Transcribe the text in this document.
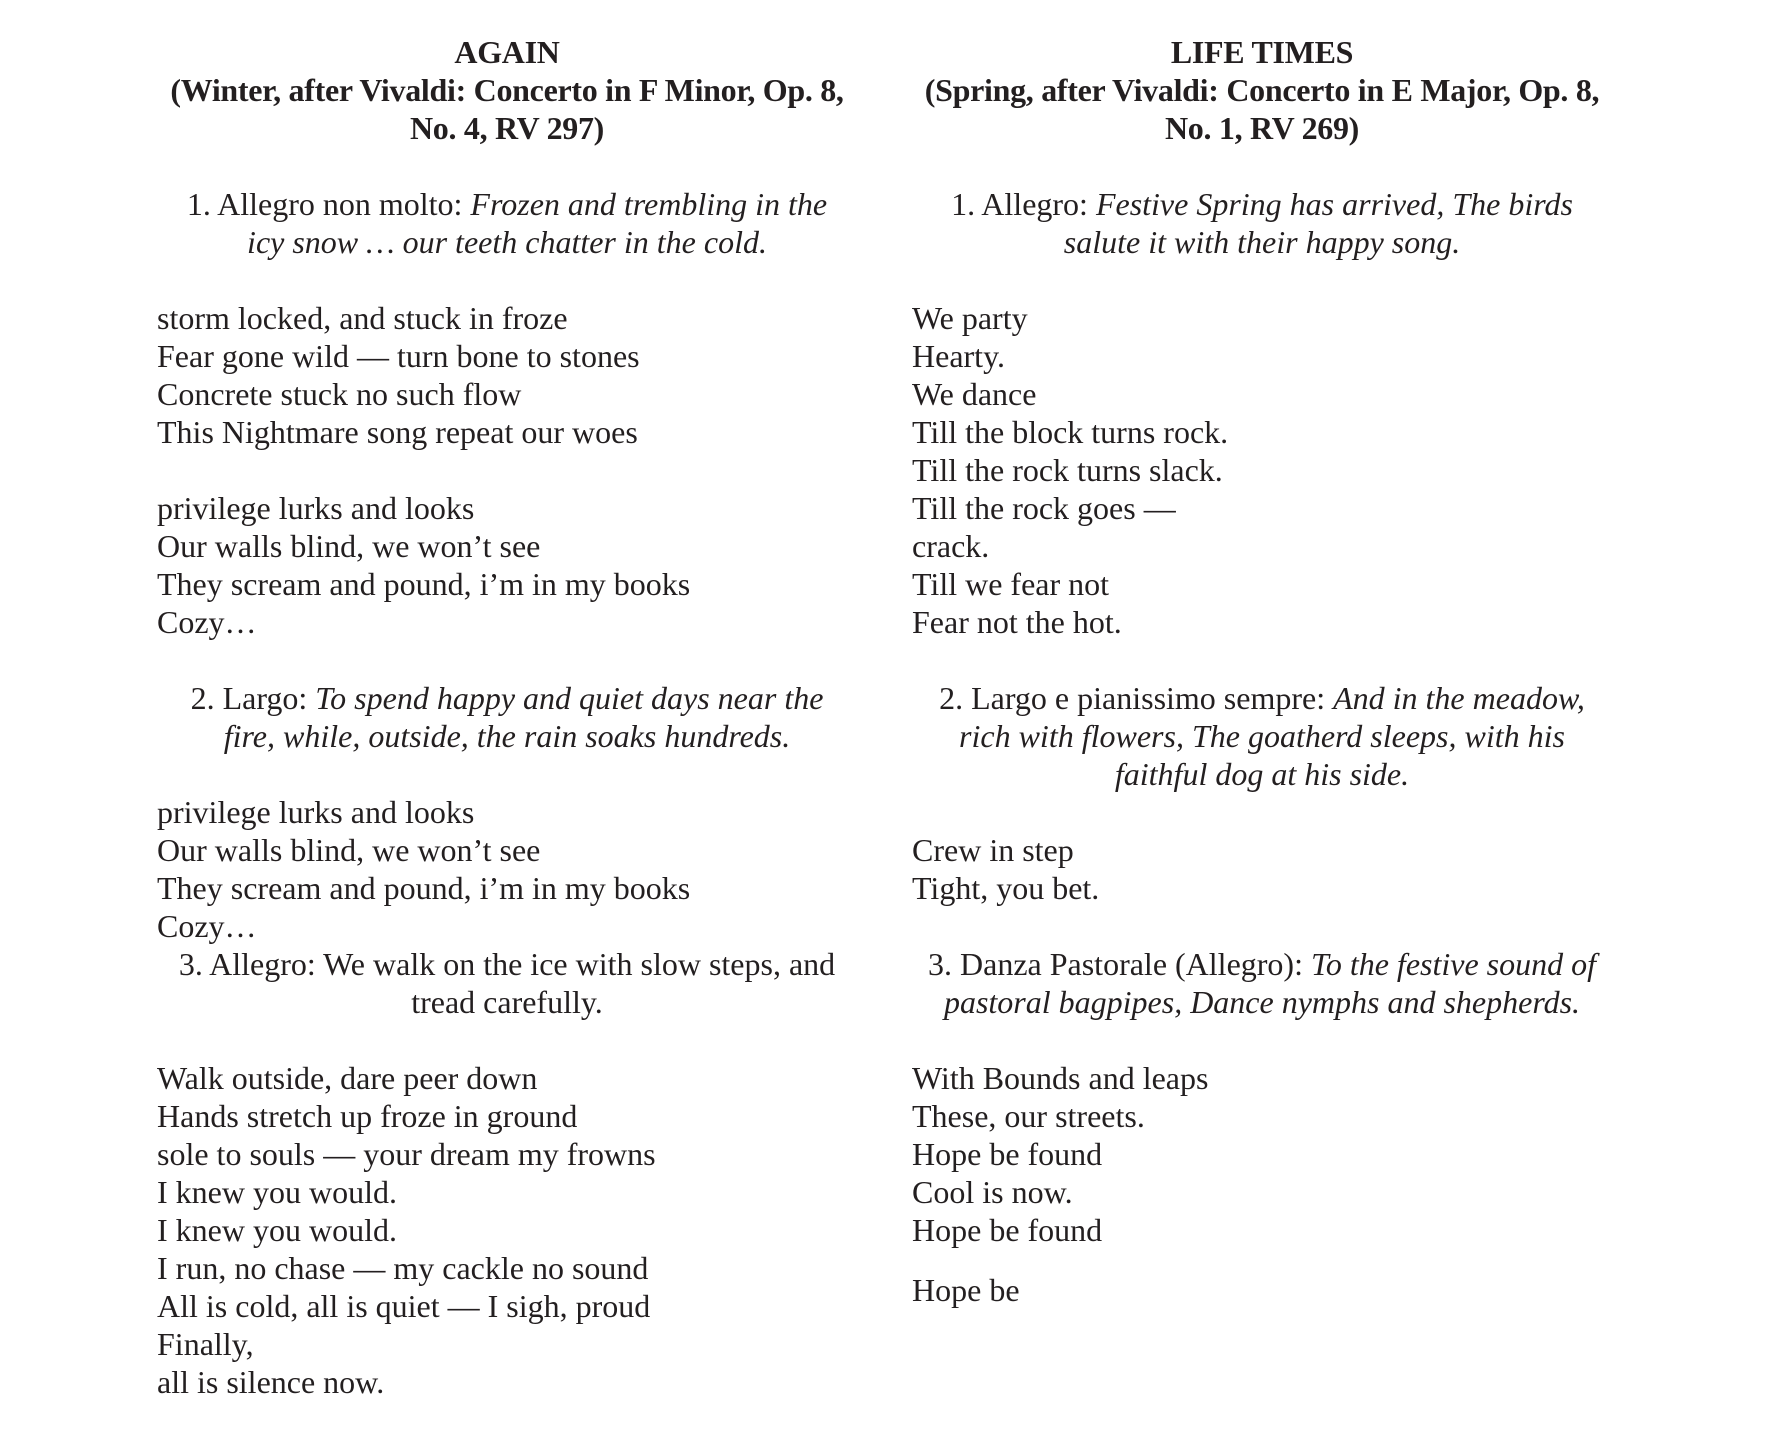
AGAIN
(Winter, after Vivaldi: Concerto in F Minor, Op. 8, No. 4, RV 297)
1. Allegro non molto: Frozen and trembling in the icy snow … our teeth chatter in the cold.
storm locked, and stuck in froze
Fear gone wild — turn bone to stones
Concrete stuck no such flow
This Nightmare song repeat our woes
privilege lurks and looks
Our walls blind, we won’t see
They scream and pound, i’m in my books
Cozy…
2. Largo: To spend happy and quiet days near the fire, while, outside, the rain soaks hundreds.
privilege lurks and looks
Our walls blind, we won’t see
They scream and pound, i’m in my books
Cozy…
3. Allegro: We walk on the ice with slow steps, and tread carefully.
Walk outside, dare peer down
Hands stretch up froze in ground
sole to souls — your dream my frowns
I knew you would.
I knew you would.
I run, no chase — my cackle no sound
All is cold, all is quiet — I sigh, proud
Finally,
all is silence now.
LIFE TIMES
(Spring, after Vivaldi: Concerto in E Major, Op. 8, No. 1, RV 269)
1. Allegro: Festive Spring has arrived, The birds salute it with their happy song.
We party
Hearty.
We dance
Till the block turns rock.
Till the rock turns slack.
Till the rock goes —
crack.
Till we fear not
Fear not the hot.
2. Largo e pianissimo sempre: And in the meadow, rich with flowers, The goatherd sleeps, with his faithful dog at his side.
Crew in step
Tight, you bet.
3. Danza Pastorale (Allegro): To the festive sound of pastoral bagpipes, Dance nymphs and shepherds.
With Bounds and leaps
These, our streets.
Hope be found
Cool is now.
Hope be found
Hope be
